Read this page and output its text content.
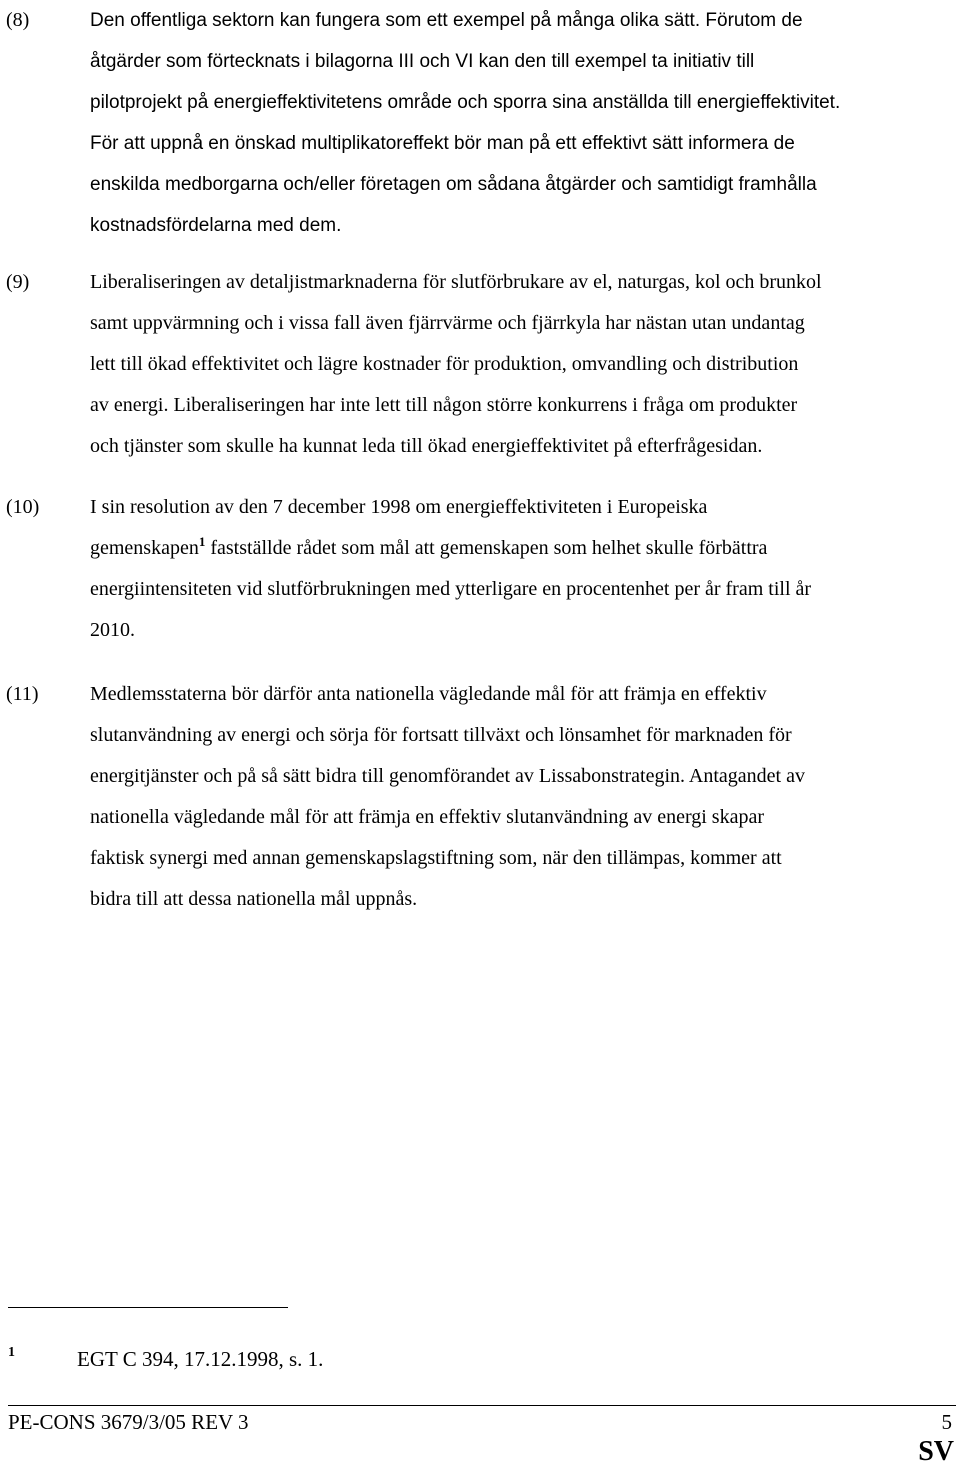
(8)	Den offentliga sektorn kan fungera som ett exempel på många olika sätt. Förutom de
åtgärder som förtecknats i bilagorna III och VI kan den till exempel ta initiativ till
pilotprojekt på energieffektivitetens område och sporra sina anställda till energieffektivitet.
För att uppnå en önskad multiplikatoreffekt bör man på ett effektivt sätt informera de
enskilda medborgarna och/eller företagen om sådana åtgärder och samtidigt framhålla
kostnadsfördelarna med dem.
(9)	Liberaliseringen av detaljistmarknaderna för slutförbrukare av el, naturgas, kol och brunkol
samt uppvärmning och i vissa fall även fjärrvärme och fjärrkyla har nästan utan undantag
lett till ökad effektivitet och lägre kostnader för produktion, omvandling och distribution
av energi. Liberaliseringen har inte lett till någon större konkurrens i fråga om produkter
och tjänster som skulle ha kunnat leda till ökad energieffektivitet på efterfrågesidan.
(10)	I sin resolution av den 7 december 1998 om energieffektiviteten i Europeiska
gemenskapen$^1$ fastställde rådet som mål att gemenskapen som helhet skulle förbättra
energiintensiteten vid slutförbrukningen med ytterligare en procentenhet per år fram till år
2010.
(11)	Medlemsstaterna bör därför anta nationella vägledande mål för att främja en effektiv
slutanvändning av energi och sörja för fortsatt tillväxt och lönsamhet för marknaden för
energitjänster och på så sätt bidra till genomförandet av Lissabonstrategin. Antagandet av
nationella vägledande mål för att främja en effektiv slutanvändning av energi skapar
faktisk synergi med annan gemenskapslagstiftning som, när den tillämpas, kommer att
bidra till att dessa nationella mål uppnås.
1	EGT C 394, 17.12.1998, s. 1.
PE-CONS 3679/3/05 REV 3	5
SV
